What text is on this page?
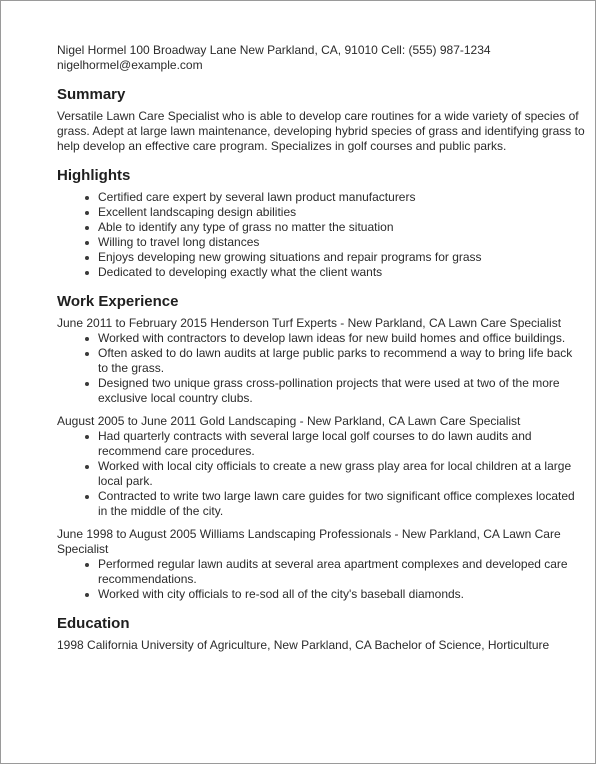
Nigel Hormel 100 Broadway Lane New Parkland, CA, 91010 Cell: (555) 987-1234

nigelhormel@example.com

Summary

Versatile Lawn Care Specialist who is able to develop care routines for a wide variety of species of grass. Adept at large lawn maintenance, developing hybrid species of grass and identifying grass to help develop an effective care program. Specializes in golf courses and public parks.

Highlights
Certified care expert by several lawn product manufacturers
Excellent landscaping design abilities
Able to identify any type of grass no matter the situation
Willing to travel long distances
Enjoys developing new growing situations and repair programs for grass
Dedicated to developing exactly what the client wants
Work Experience

June 2011 to February 2015 Henderson Turf Experts - New Parkland, CA Lawn Care Specialist

Worked with contractors to develop lawn ideas for new build homes and office buildings.
Often asked to do lawn audits at large public parks to recommend a way to bring life back to the grass.
Designed two unique grass cross-pollination projects that were used at two of the more exclusive local country clubs.

August 2005 to June 2011 Gold Landscaping - New Parkland, CA Lawn Care Specialist

Had quarterly contracts with several large local golf courses to do lawn audits and recommend care procedures.
Worked with local city officials to create a new grass play area for local children at a large local park.
Contracted to write two large lawn care guides for two significant office complexes located in the middle of the city.

June 1998 to August 2005 Williams Landscaping Professionals - New Parkland, CA Lawn Care Specialist

Performed regular lawn audits at several area apartment complexes and developed care recommendations.
Worked with city officials to re-sod all of the city's baseball diamonds.
Education

1998 California University of Agriculture, New Parkland, CA Bachelor of Science, Horticulture
